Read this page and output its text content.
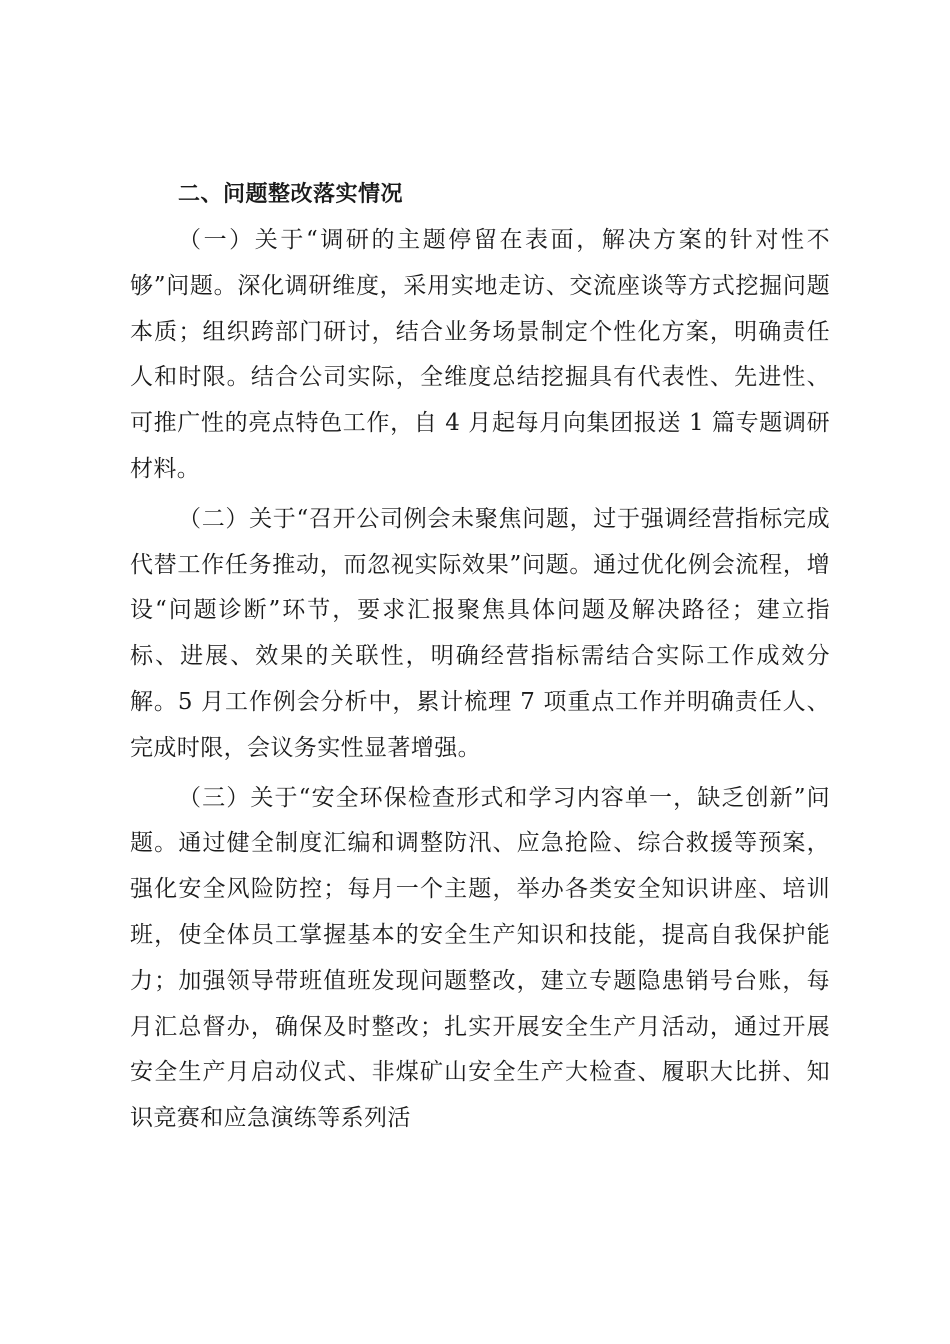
二、问题整改落实情况

（一）关于“调研的主题停留在表面，解决方案的针对性不够”问题。深化调研维度，采用实地走访、交流座谈等方式挖掘问题本质；组织跨部门研讨，结合业务场景制定个性化方案，明确责任人和时限。结合公司实际，全维度总结挖掘具有代表性、先进性、可推广性的亮点特色工作，自 4 月起每月向集团报送 1 篇专题调研材料。

（二）关于“召开公司例会未聚焦问题，过于强调经营指标完成代替工作任务推动，而忽视实际效果”问题。通过优化例会流程，增设“问题诊断”环节，要求汇报聚焦具体问题及解决路径；建立指标、进展、效果的关联性，明确经营指标需结合实际工作成效分解。5 月工作例会分析中，累计梳理 7 项重点工作并明确责任人、完成时限，会议务实性显著增强。

（三）关于“安全环保检查形式和学习内容单一，缺乏创新”问题。通过健全制度汇编和调整防汛、应急抢险、综合救援等预案，强化安全风险防控；每月一个主题，举办各类安全知识讲座、培训班，使全体员工掌握基本的安全生产知识和技能，提高自我保护能力；加强领导带班值班发现问题整改，建立专题隐患销号台账，每月汇总督办，确保及时整改；扎实开展安全生产月活动，通过开展安全生产月启动仪式、非煤矿山安全生产大检查、履职大比拼、知识竞赛和应急演练等系列活
